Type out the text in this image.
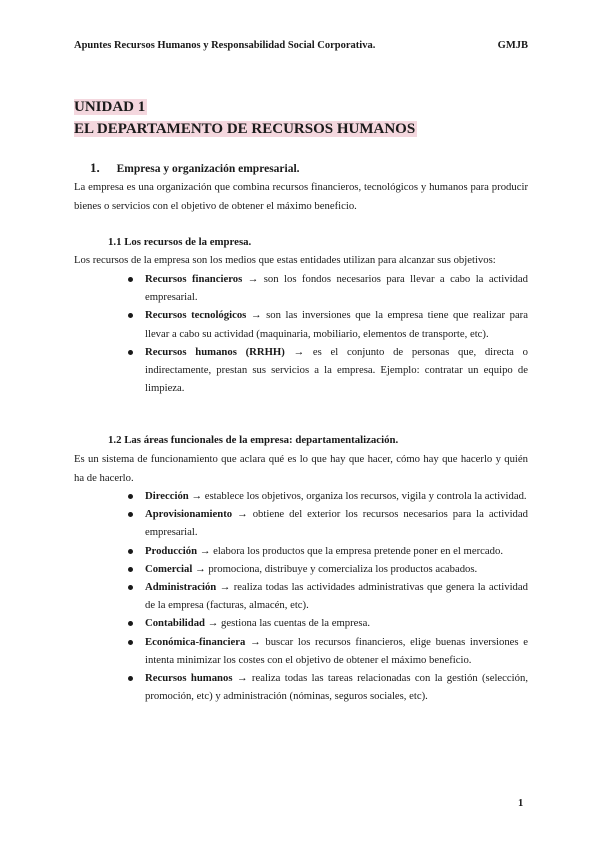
Apuntes Recursos Humanos y Responsabilidad Social Corporativa.	GMJB
UNIDAD 1
EL DEPARTAMENTO DE RECURSOS HUMANOS
1. Empresa y organización empresarial.
La empresa es una organización que combina recursos financieros, tecnológicos y humanos para producir bienes o servicios con el objetivo de obtener el máximo beneficio.
1.1 Los recursos de la empresa.
Los recursos de la empresa son los medios que estas entidades utilizan para alcanzar sus objetivos:
Recursos financieros → son los fondos necesarios para llevar a cabo la actividad empresarial.
Recursos tecnológicos → son las inversiones que la empresa tiene que realizar para llevar a cabo su actividad (maquinaria, mobiliario, elementos de transporte, etc).
Recursos humanos (RRHH) → es el conjunto de personas que, directa o indirectamente, prestan sus servicios a la empresa. Ejemplo: contratar un equipo de limpieza.
1.2 Las áreas funcionales de la empresa: departamentalización.
Es un sistema de funcionamiento que aclara qué es lo que hay que hacer, cómo hay que hacerlo y quién ha de hacerlo.
Dirección → establece los objetivos, organiza los recursos, vigila y controla la actividad.
Aprovisionamiento → obtiene del exterior los recursos necesarios para la actividad empresarial.
Producción → elabora los productos que la empresa pretende poner en el mercado.
Comercial → promociona, distribuye y comercializa los productos acabados.
Administración → realiza todas las actividades administrativas que genera la actividad de la empresa (facturas, almacén, etc).
Contabilidad → gestiona las cuentas de la empresa.
Económica-financiera → buscar los recursos financieros, elige buenas inversiones e intenta minimizar los costes con el objetivo de obtener el máximo beneficio.
Recursos humanos → realiza todas las tareas relacionadas con la gestión (selección, promoción, etc) y administración (nóminas, seguros sociales, etc).
1
